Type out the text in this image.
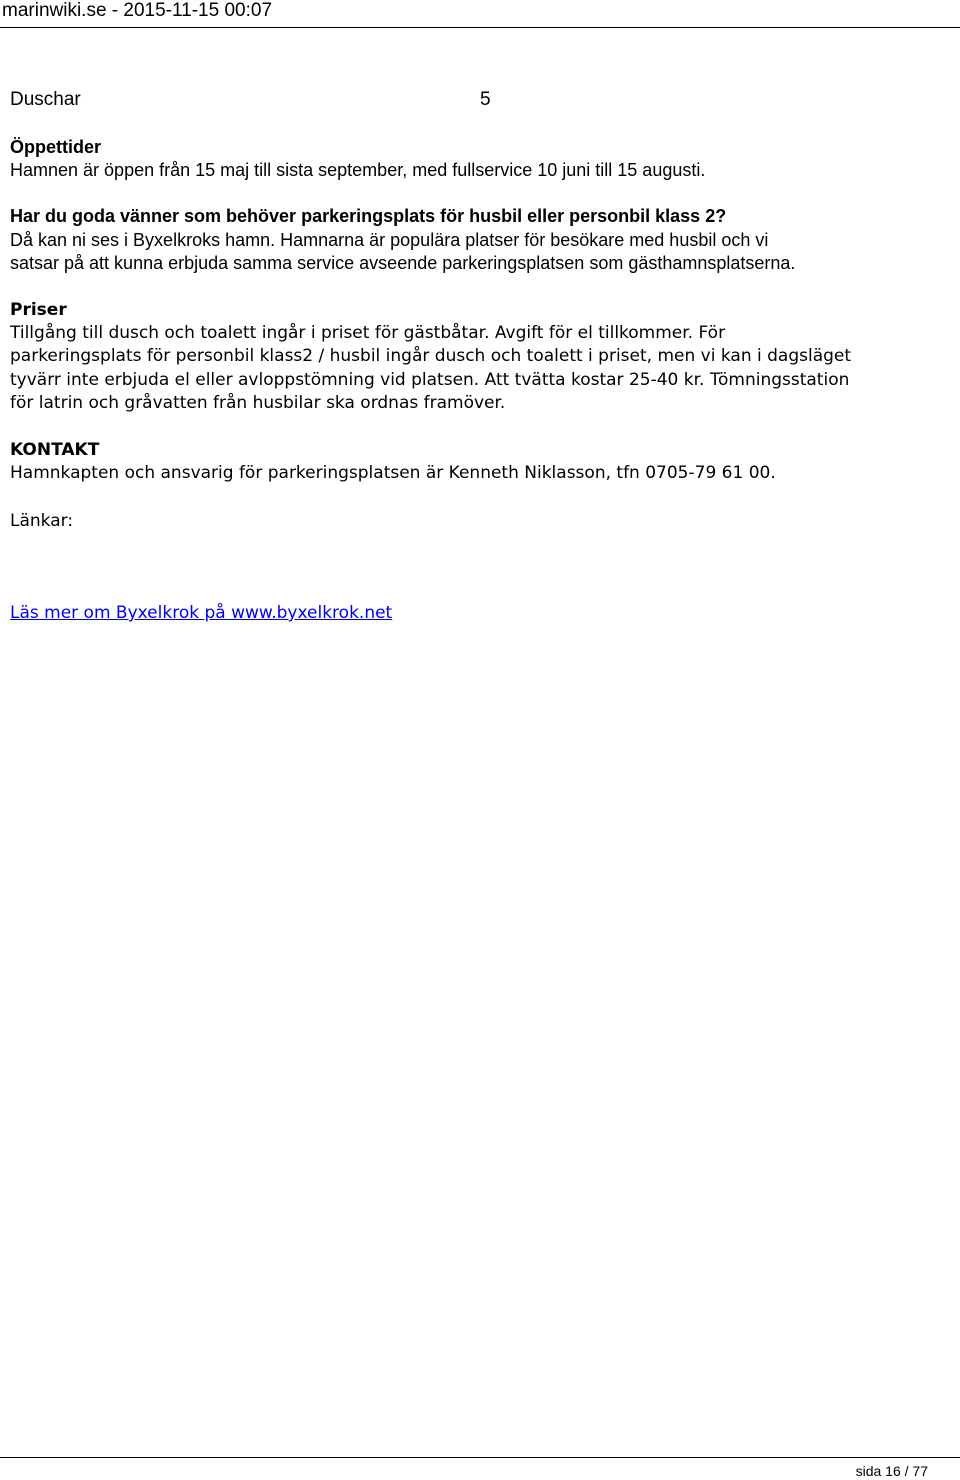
marinwiki.se - 2015-11-15 00:07
Duschar	5
Öppettider
Hamnen är öppen från 15 maj till sista september, med fullservice 10 juni till 15 augusti.
Har du goda vänner som behöver parkeringsplats för husbil eller personbil klass 2?
Då kan ni ses i Byxelkroks hamn. Hamnarna är populära platser för besökare med husbil och vi
satsar på att kunna erbjuda samma service avseende parkeringsplatsen som gästhamnsplatserna.
Priser
Tillgång till dusch och toalett ingår i priset för gästbåtar. Avgift för el tillkommer. För
parkeringsplats för personbil klass2 / husbil ingår dusch och toalett i priset, men vi kan i dagsläget
tyvärr inte erbjuda el eller avloppstömning vid platsen. Att tvätta kostar 25-40 kr. Tömningsstation
för latrin och gråvatten från husbilar ska ordnas framöver.
KONTAKT
Hamnkapten och ansvarig för parkeringsplatsen är Kenneth Niklasson, tfn 0705-79 61 00.
Länkar:
Läs mer om Byxelkrok på www.byxelkrok.net
sida 16 / 77
